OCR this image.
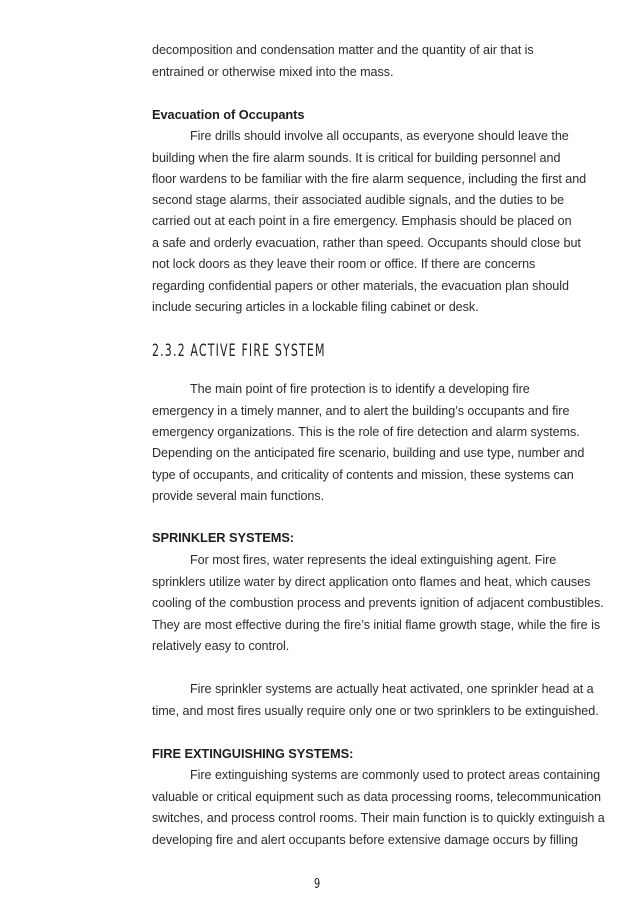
decomposition and condensation matter and the quantity of air that is
entrained or otherwise mixed into the mass.
Evacuation of Occupants
Fire drills should involve all occupants, as everyone should leave the
building when the fire alarm sounds. It is critical for building personnel and
floor wardens to be familiar with the fire alarm sequence, including the first and
second stage alarms, their associated audible signals, and the duties to be
carried out at each point in a fire emergency. Emphasis should be placed on
a safe and orderly evacuation, rather than speed. Occupants should close but
not lock doors as they leave their room or office. If there are concerns
regarding confidential papers or other materials, the evacuation plan should
include securing articles in a lockable filing cabinet or desk.
2.3.2 ACTIVE FIRE SYSTEM
The main point of fire protection is to identify a developing fire
emergency in a timely manner, and to alert the building’s occupants and fire
emergency organizations. This is the role of fire detection and alarm systems.
Depending on the anticipated fire scenario, building and use type, number and
type of occupants, and criticality of contents and mission, these systems can
provide several main functions.
SPRINKLER SYSTEMS:
For most fires, water represents the ideal extinguishing agent. Fire
sprinklers utilize water by direct application onto flames and heat, which causes
cooling of the combustion process and prevents ignition of adjacent combustibles.
They are most effective during the fire’s initial flame growth stage, while the fire is
relatively easy to control.
Fire sprinkler systems are actually heat activated, one sprinkler head at a
time, and most fires usually require only one or two sprinklers to be extinguished.
FIRE EXTINGUISHING SYSTEMS:
Fire extinguishing systems are commonly used to protect areas containing
valuable or critical equipment such as data processing rooms, telecommunication
switches, and process control rooms. Their main function is to quickly extinguish a
developing fire and alert occupants before extensive damage occurs by filling
9
